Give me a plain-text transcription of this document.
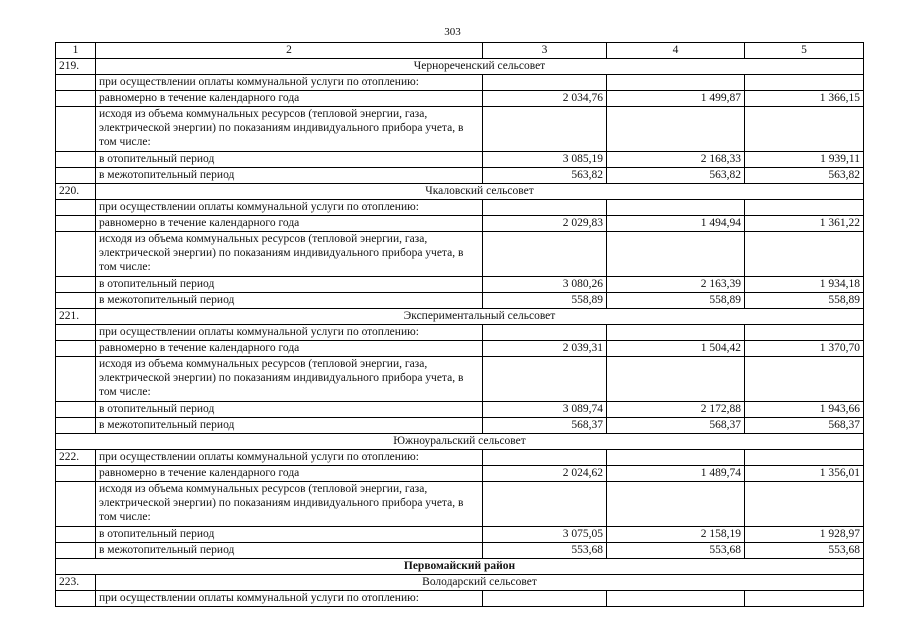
303
1	2	3	4	5
219.	Чернореченский сельсовет			
	при осуществлении оплаты коммунальной услуги по отоплению:			
	равномерно в течение календарного года	2 034,76	1 499,87	1 366,15
	исходя из объема коммунальных ресурсов (тепловой энергии, газа, электрической энергии) по показаниям индивидуального прибора учета, в том числе:			
	в отопительный период	3 085,19	2 168,33	1 939,11
	в межотопительный период	563,82	563,82	563,82
220.	Чкаловский сельсовет			
	при осуществлении оплаты коммунальной услуги по отоплению:			
	равномерно в течение календарного года	2 029,83	1 494,94	1 361,22
	исходя из объема коммунальных ресурсов (тепловой энергии, газа, электрической энергии) по показаниям индивидуального прибора учета, в том числе:			
	в отопительный период	3 080,26	2 163,39	1 934,18
	в межотопительный период	558,89	558,89	558,89
221.	Экспериментальный сельсовет			
	при осуществлении оплаты коммунальной услуги по отоплению:			
	равномерно в течение календарного года	2 039,31	1 504,42	1 370,70
	исходя из объема коммунальных ресурсов (тепловой энергии, газа, электрической энергии) по показаниям индивидуального прибора учета, в том числе:			
	в отопительный период	3 089,74	2 172,88	1 943,66
	в межотопительный период	568,37	568,37	568,37
Южноуральский сельсовет				
222.	при осуществлении оплаты коммунальной услуги по отоплению:			
	равномерно в течение календарного года	2 024,62	1 489,74	1 356,01
	исходя из объема коммунальных ресурсов (тепловой энергии, газа, электрической энергии) по показаниям индивидуального прибора учета, в том числе:			
	в отопительный период	3 075,05	2 158,19	1 928,97
	в межотопительный период	553,68	553,68	553,68
Первомайский район				
223.	Володарский сельсовет			
	при осуществлении оплаты коммунальной услуги по отоплению:			
